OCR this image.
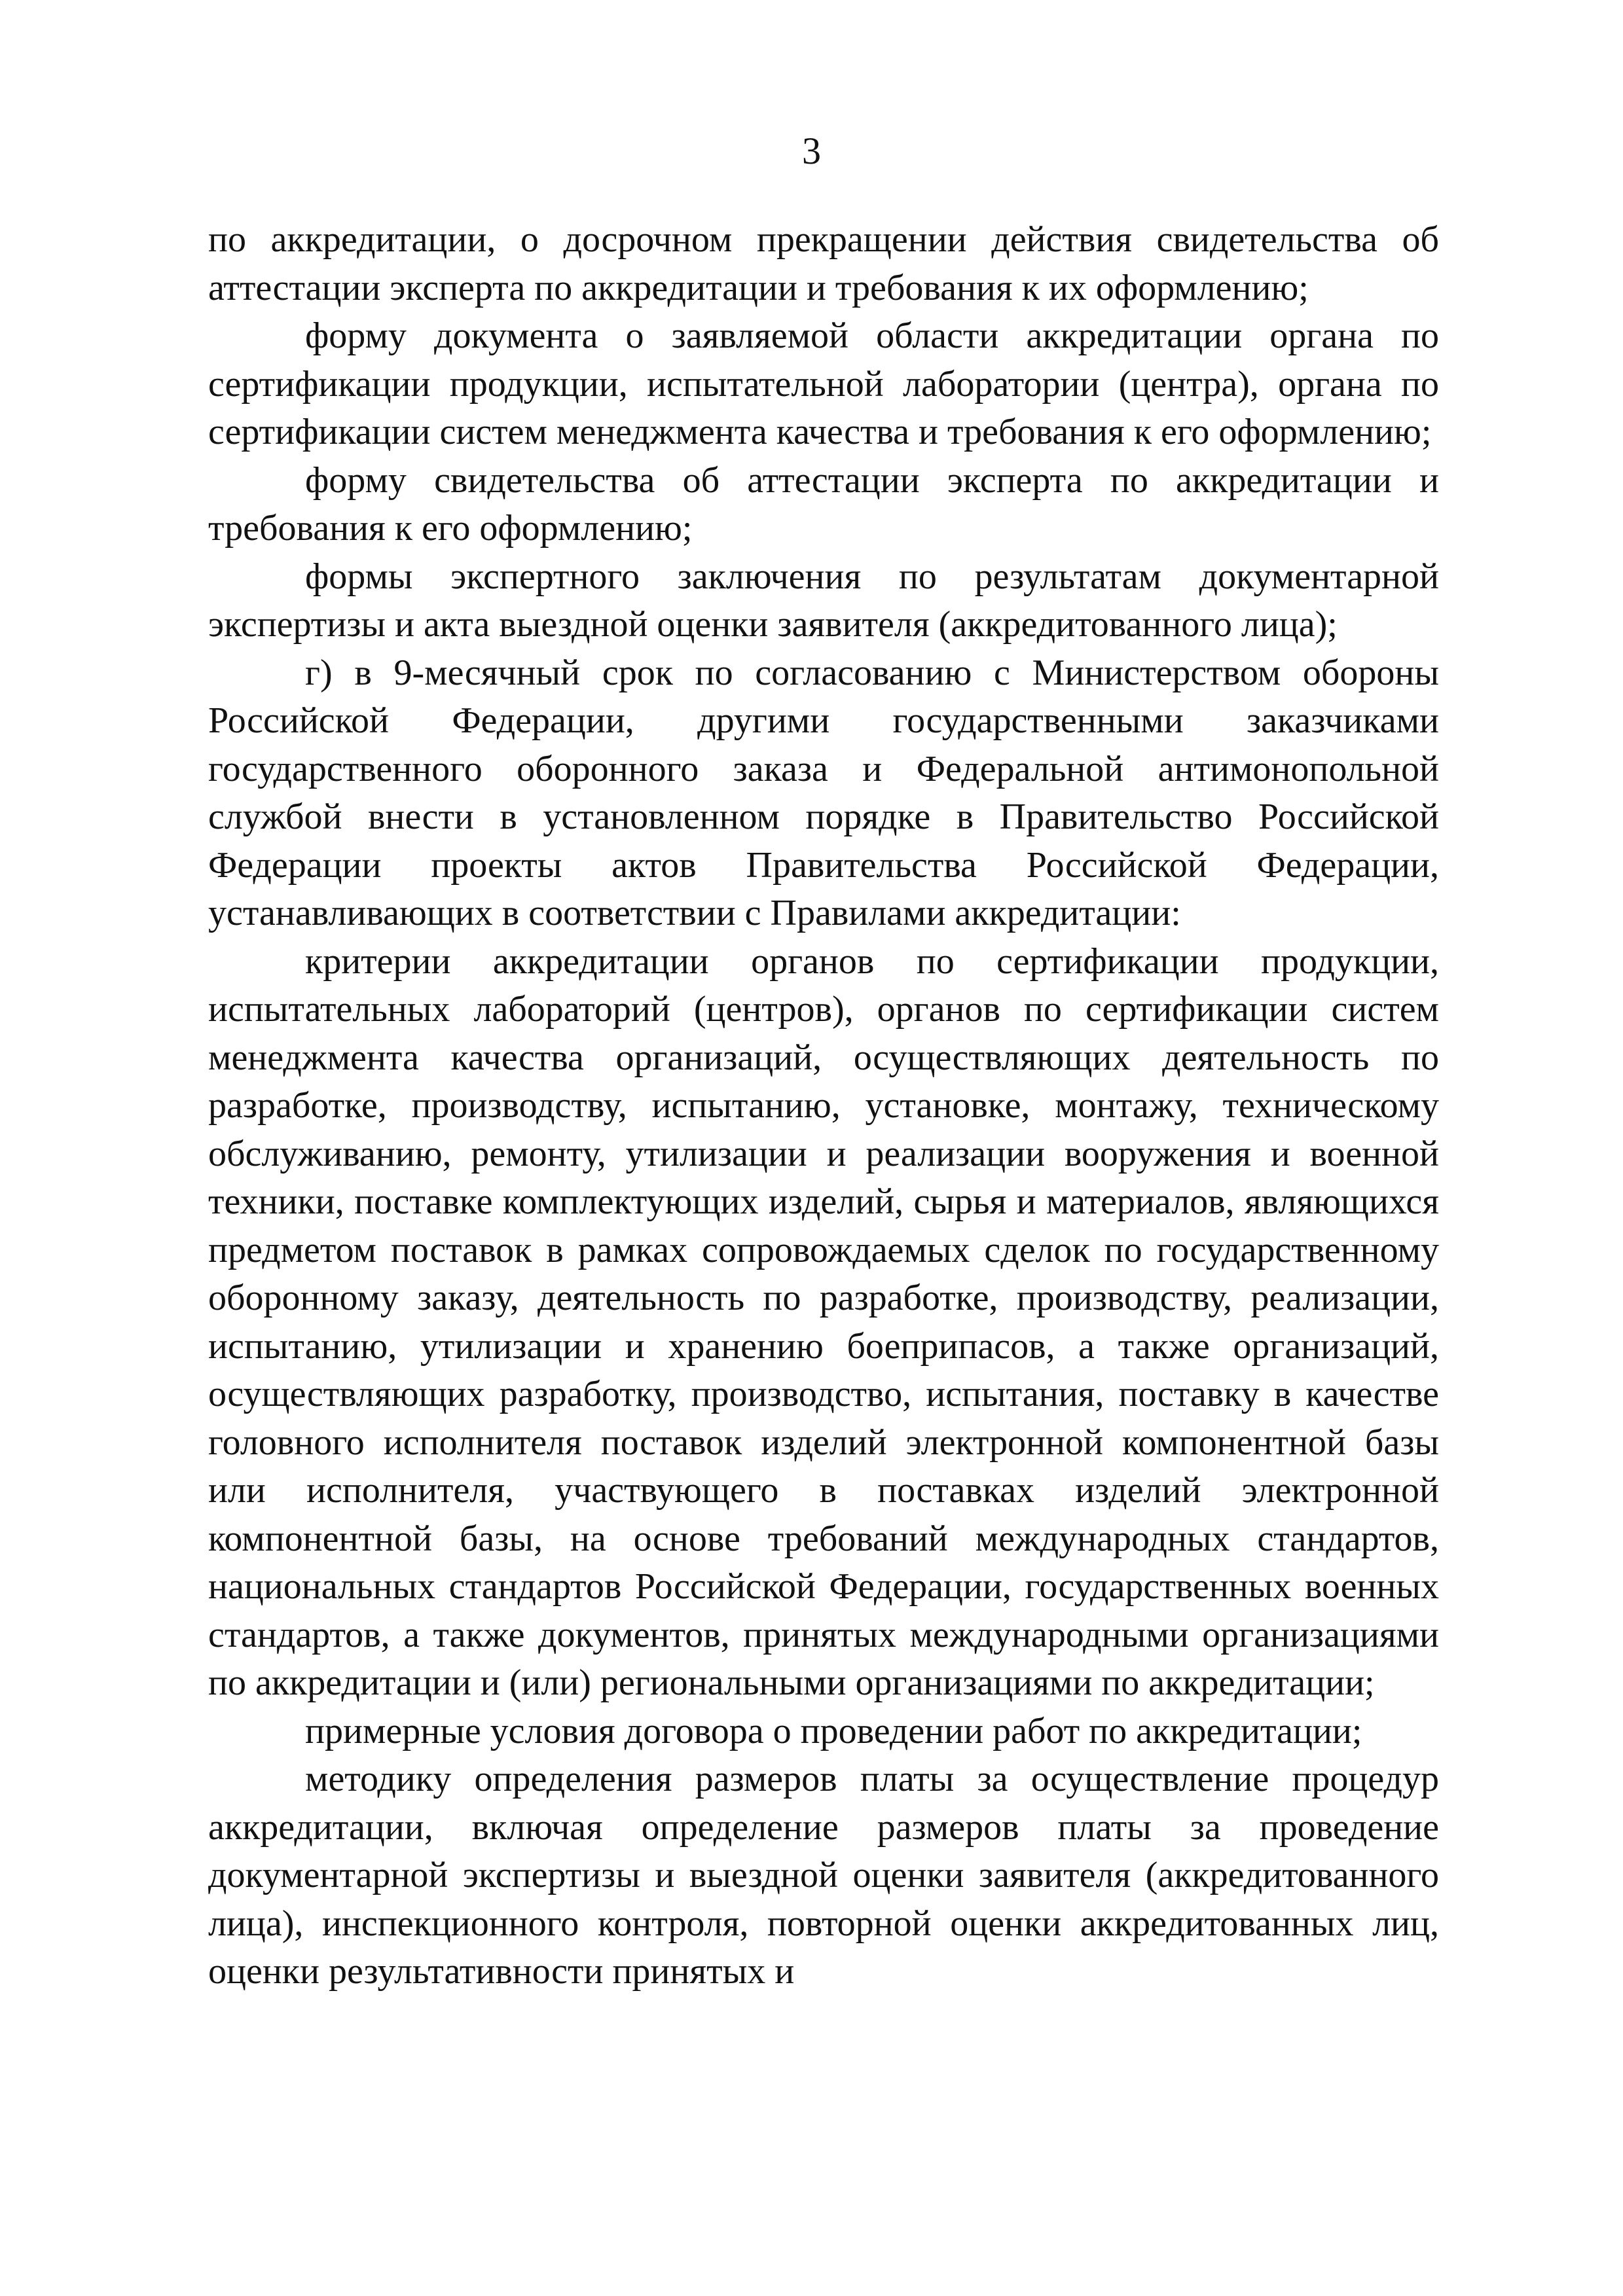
3

по аккредитации, о досрочном прекращении действия свидетельства об аттестации эксперта по аккредитации и требования к их оформлению;

форму документа о заявляемой области аккредитации органа по сертификации продукции, испытательной лаборатории (центра), органа по сертификации систем менеджмента качества и требования к его оформлению;

форму свидетельства об аттестации эксперта по аккредитации и требования к его оформлению;

формы экспертного заключения по результатам документарной экспертизы и акта выездной оценки заявителя (аккредитованного лица);

г) в 9-месячный срок по согласованию с Министерством обороны Российской Федерации, другими государственными заказчиками государственного оборонного заказа и Федеральной антимонопольной службой внести в установленном порядке в Правительство Российской Федерации проекты актов Правительства Российской Федерации, устанавливающих в соответствии с Правилами аккредитации:

критерии аккредитации органов по сертификации продукции, испытательных лабораторий (центров), органов по сертификации систем менеджмента качества организаций, осуществляющих деятельность по разработке, производству, испытанию, установке, монтажу, техническому обслуживанию, ремонту, утилизации и реализации вооружения и военной техники, поставке комплектующих изделий, сырья и материалов, являющихся предметом поставок в рамках сопровождаемых сделок по государственному оборонному заказу, деятельность по разработке, производству, реализации, испытанию, утилизации и хранению боеприпасов, а также организаций, осуществляющих разработку, производство, испытания, поставку в качестве головного исполнителя поставок изделий электронной компонентной базы или исполнителя, участвующего в поставках изделий электронной компонентной базы, на основе требований международных стандартов, национальных стандартов Российской Федерации, государственных военных стандартов, а также документов, принятых международными организациями по аккредитации и (или) региональными организациями по аккредитации;

примерные условия договора о проведении работ по аккредитации;

методику определения размеров платы за осуществление процедур аккредитации, включая определение размеров платы за проведение документарной экспертизы и выездной оценки заявителя (аккредитованного лица), инспекционного контроля, повторной оценки аккредитованных лиц, оценки результативности принятых и
